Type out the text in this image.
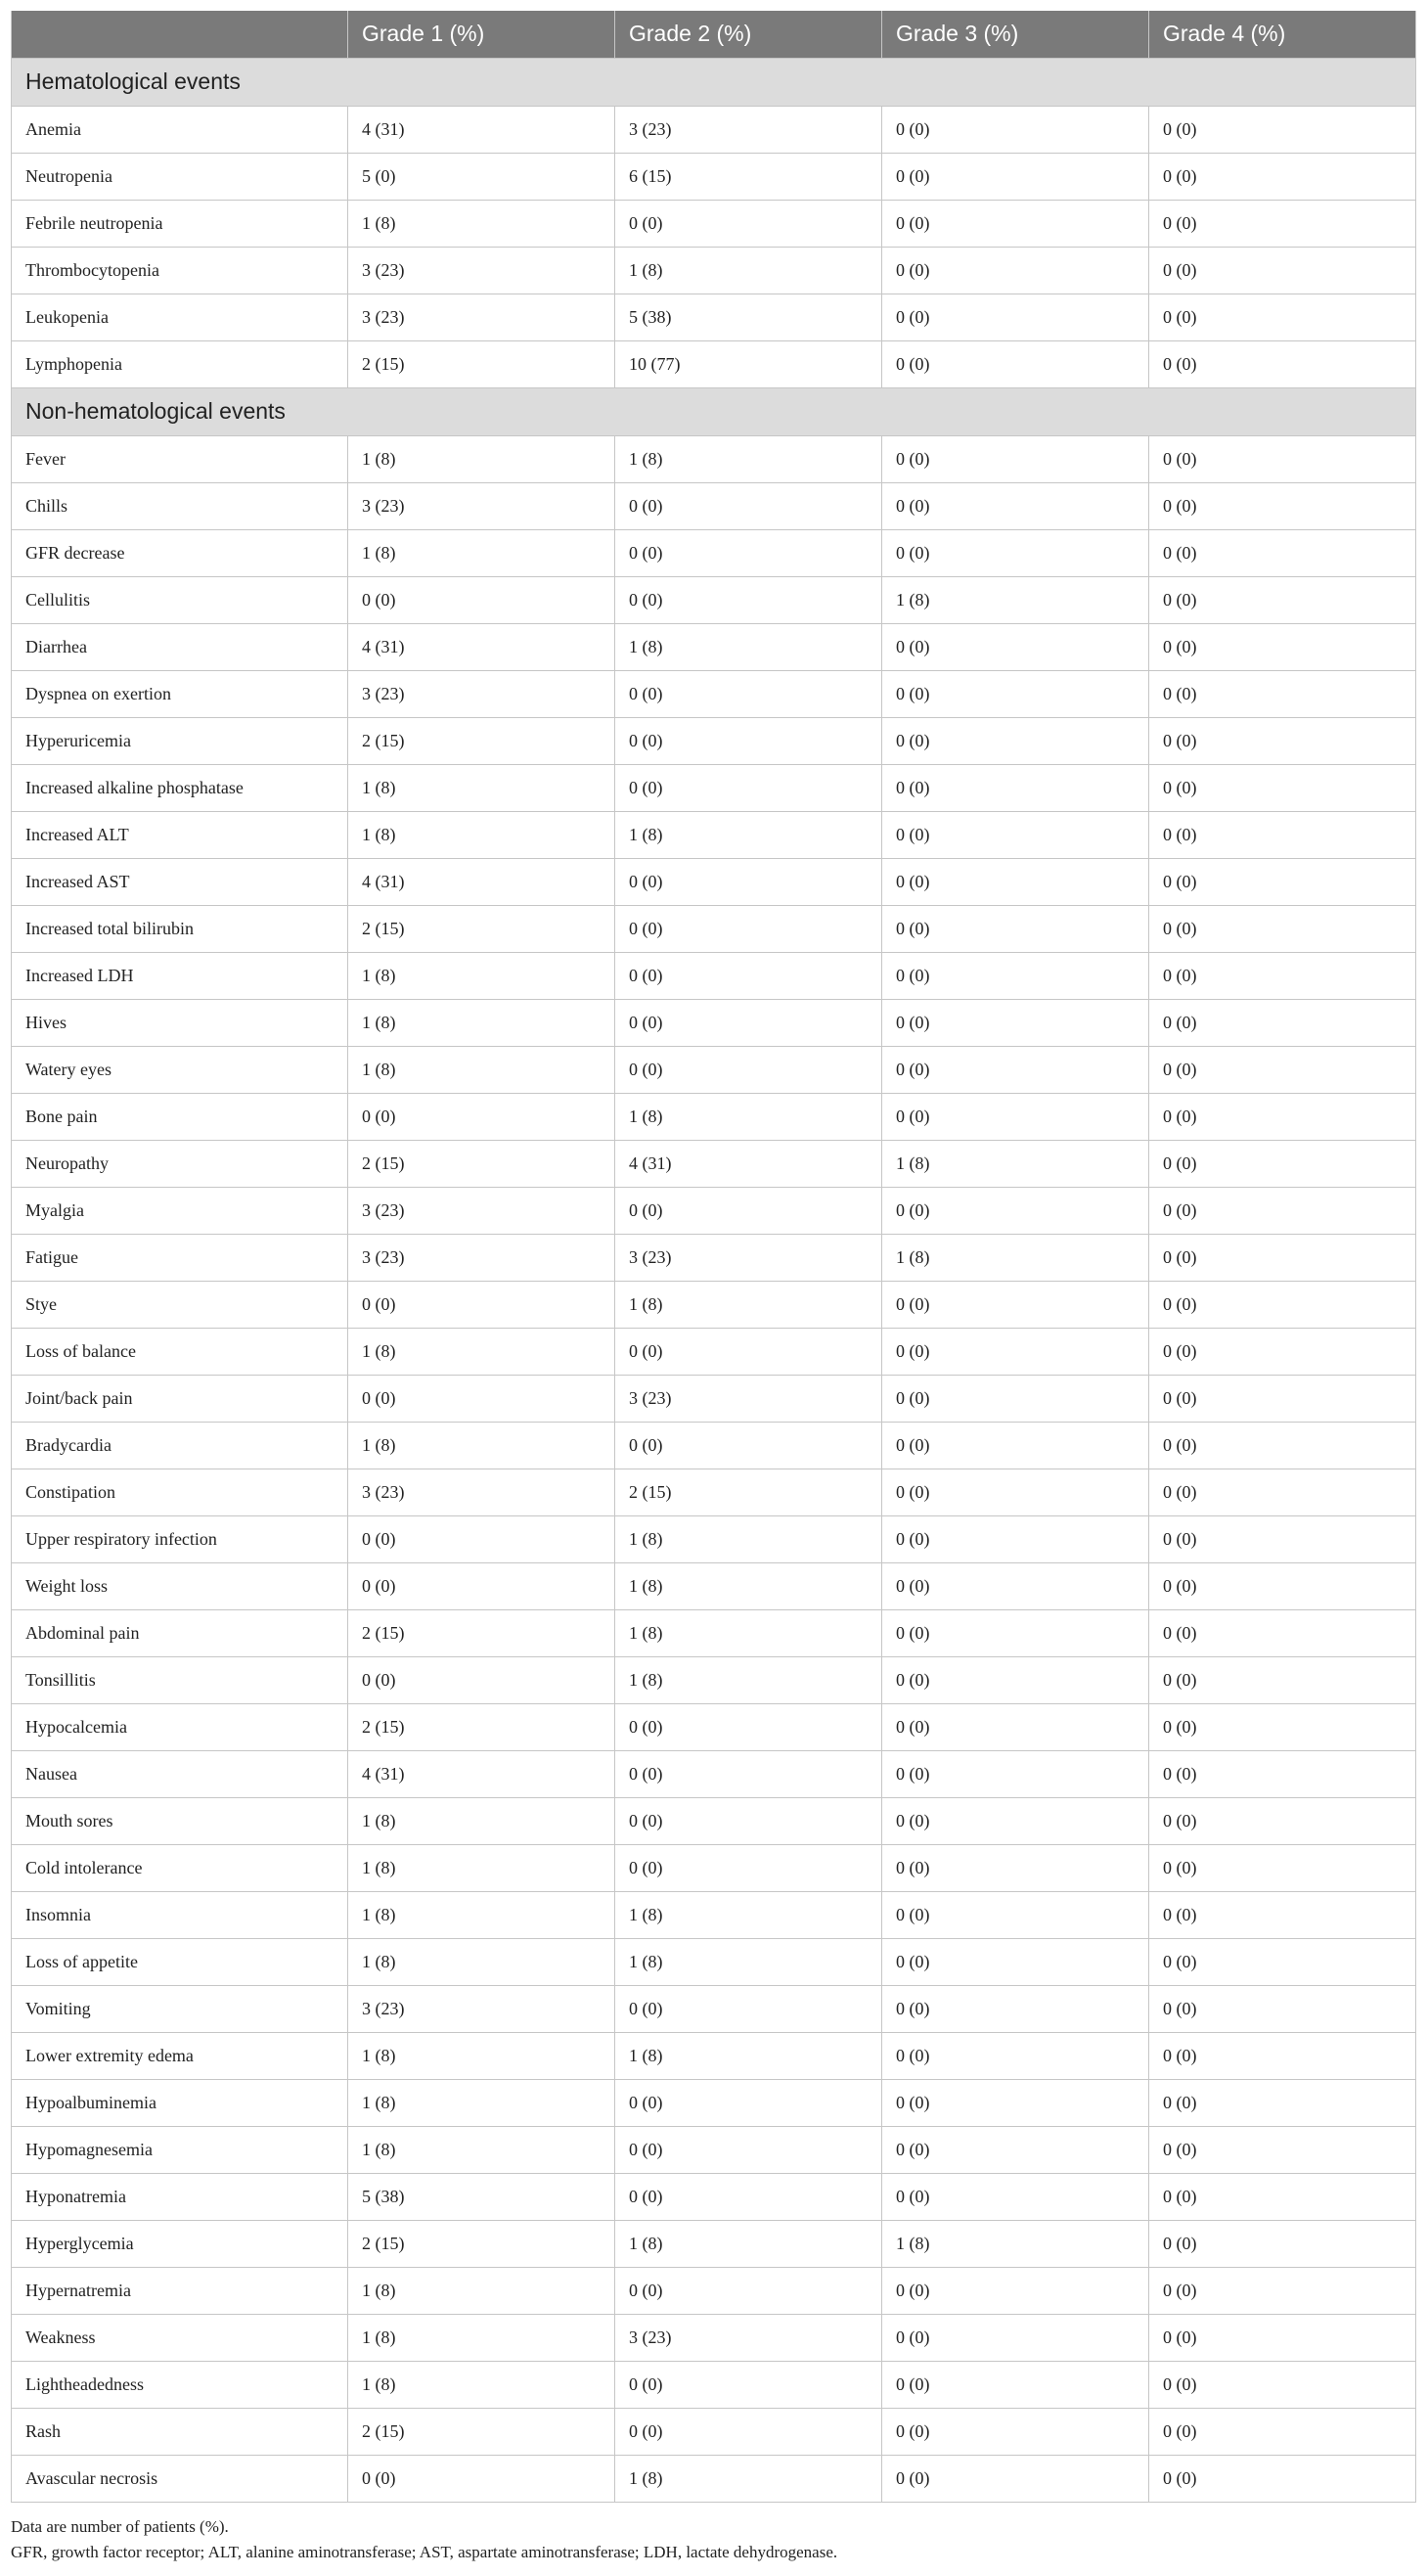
	Grade 1 (%)	Grade 2 (%)	Grade 3 (%)	Grade 4 (%)
Hematological events				
Anemia	4 (31)	3 (23)	0 (0)	0 (0)
Neutropenia	5 (0)	6 (15)	0 (0)	0 (0)
Febrile neutropenia	1 (8)	0 (0)	0 (0)	0 (0)
Thrombocytopenia	3 (23)	1 (8)	0 (0)	0 (0)
Leukopenia	3 (23)	5 (38)	0 (0)	0 (0)
Lymphopenia	2 (15)	10 (77)	0 (0)	0 (0)
Non-hematological events				
Fever	1 (8)	1 (8)	0 (0)	0 (0)
Chills	3 (23)	0 (0)	0 (0)	0 (0)
GFR decrease	1 (8)	0 (0)	0 (0)	0 (0)
Cellulitis	0 (0)	0 (0)	1 (8)	0 (0)
Diarrhea	4 (31)	1 (8)	0 (0)	0 (0)
Dyspnea on exertion	3 (23)	0 (0)	0 (0)	0 (0)
Hyperuricemia	2 (15)	0 (0)	0 (0)	0 (0)
Increased alkaline phosphatase	1 (8)	0 (0)	0 (0)	0 (0)
Increased ALT	1 (8)	1 (8)	0 (0)	0 (0)
Increased AST	4 (31)	0 (0)	0 (0)	0 (0)
Increased total bilirubin	2 (15)	0 (0)	0 (0)	0 (0)
Increased LDH	1 (8)	0 (0)	0 (0)	0 (0)
Hives	1 (8)	0 (0)	0 (0)	0 (0)
Watery eyes	1 (8)	0 (0)	0 (0)	0 (0)
Bone pain	0 (0)	1 (8)	0 (0)	0 (0)
Neuropathy	2 (15)	4 (31)	1 (8)	0 (0)
Myalgia	3 (23)	0 (0)	0 (0)	0 (0)
Fatigue	3 (23)	3 (23)	1 (8)	0 (0)
Stye	0 (0)	1 (8)	0 (0)	0 (0)
Loss of balance	1 (8)	0 (0)	0 (0)	0 (0)
Joint/back pain	0 (0)	3 (23)	0 (0)	0 (0)
Bradycardia	1 (8)	0 (0)	0 (0)	0 (0)
Constipation	3 (23)	2 (15)	0 (0)	0 (0)
Upper respiratory infection	0 (0)	1 (8)	0 (0)	0 (0)
Weight loss	0 (0)	1 (8)	0 (0)	0 (0)
Abdominal pain	2 (15)	1 (8)	0 (0)	0 (0)
Tonsillitis	0 (0)	1 (8)	0 (0)	0 (0)
Hypocalcemia	2 (15)	0 (0)	0 (0)	0 (0)
Nausea	4 (31)	0 (0)	0 (0)	0 (0)
Mouth sores	1 (8)	0 (0)	0 (0)	0 (0)
Cold intolerance	1 (8)	0 (0)	0 (0)	0 (0)
Insomnia	1 (8)	1 (8)	0 (0)	0 (0)
Loss of appetite	1 (8)	1 (8)	0 (0)	0 (0)
Vomiting	3 (23)	0 (0)	0 (0)	0 (0)
Lower extremity edema	1 (8)	1 (8)	0 (0)	0 (0)
Hypoalbuminemia	1 (8)	0 (0)	0 (0)	0 (0)
Hypomagnesemia	1 (8)	0 (0)	0 (0)	0 (0)
Hyponatremia	5 (38)	0 (0)	0 (0)	0 (0)
Hyperglycemia	2 (15)	1 (8)	1 (8)	0 (0)
Hypernatremia	1 (8)	0 (0)	0 (0)	0 (0)
Weakness	1 (8)	3 (23)	0 (0)	0 (0)
Lightheadedness	1 (8)	0 (0)	0 (0)	0 (0)
Rash	2 (15)	0 (0)	0 (0)	0 (0)
Avascular necrosis	0 (0)	1 (8)	0 (0)	0 (0)

Data are number of patients (%).

GFR, growth factor receptor; ALT, alanine aminotransferase; AST, aspartate aminotransferase; LDH, lactate dehydrogenase.
